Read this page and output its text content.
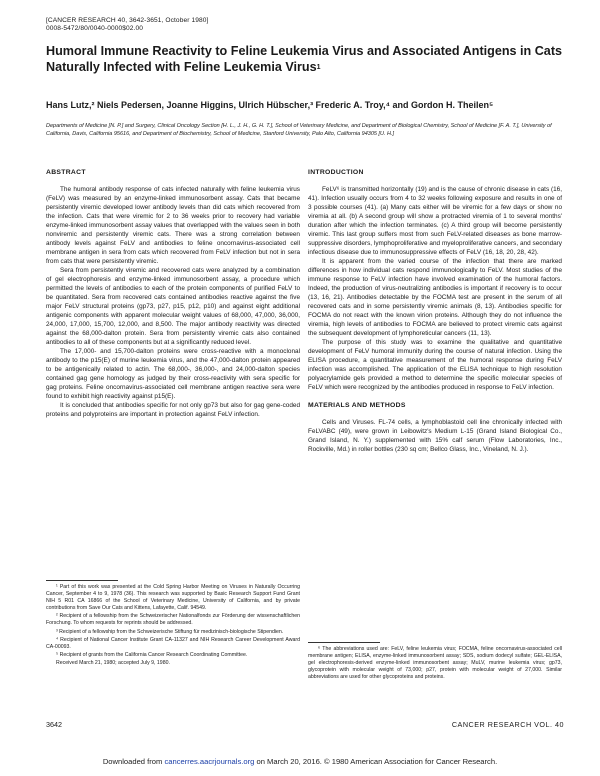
[CANCER RESEARCH 40, 3642-3651, October 1980]
0008-5472/80/0040-0000$02.00
Humoral Immune Reactivity to Feline Leukemia Virus and Associated Antigens in Cats Naturally Infected with Feline Leukemia Virus$^1$
Hans Lutz,² Niels Pedersen, Joanne Higgins, Ulrich Hübscher,³ Frederic A. Troy,⁴ and Gordon H. Theilen⁵
Departments of Medicine [N. P.] and Surgery, Clinical Oncology Section [H. L., J. H., G. H. T.], School of Veterinary Medicine, and Department of Biological Chemistry, School of Medicine [F. A. T.], University of California, Davis, California 95616, and Department of Biochemistry, School of Medicine, Stanford University, Palo Alto, California 94305 [U. H.]
ABSTRACT

The humoral antibody response of cats infected naturally with feline leukemia virus (FeLV) was measured by an enzyme-linked immunosorbent assay. Cats that became persistently viremic developed lower antibody levels than did cats which recovered from the infection. Cats that were viremic for 2 to 36 weeks prior to recovery had variable enzyme-linked immunosorbent assay values that overlapped with the values seen in both nonviremic and persistently viremic cats. There was a strong correlation between antibody levels against FeLV and antibodies to feline oncornavirus-associated cell membrane antigen in sera from cats which recovered from FeLV infection but not in sera from cats that were persistently viremic.

Sera from persistently viremic and recovered cats were analyzed by a combination of gel electrophoresis and enzyme-linked immunosorbent assay, a procedure which permitted the levels of antibodies to each of the protein components of purified FeLV to be quantitated. Sera from recovered cats contained antibodies reactive against the five major FeLV structural proteins (gp73, p27, p15, p12, p10) and against eight additional antigenic components with apparent molecular weight values of 68,000, 47,000, 36,000, 24,000, 17,000, 15,700, 12,000, and 8,500. The major antibody reactivity was directed against the 68,000-dalton protein. Sera from persistently viremic cats also contained antibodies to all of these components but at a significantly reduced level.

The 17,000- and 15,700-dalton proteins were cross-reactive with a monoclonal antibody to the p15(E) of murine leukemia virus, and the 47,000-dalton protein appeared to be antigenically related to actin. The 68,000-, 36,000-, and 24,000-dalton species contained gag gene homology as judged by their cross-reactivity with sera specific for gag proteins. Feline oncornavirus-associated cell membrane antigen reactive sera were found to exhibit high reactivity against p15(E).

It is concluded that antibodies specific for not only gp73 but also for gag gene-coded proteins and polyproteins are important in protection against FeLV infection.

INTRODUCTION

FeLV⁶ is transmitted horizontally (19) and is the cause of chronic disease in cats (16, 41). Infection usually occurs from 4 to 32 weeks following exposure and results in one of 3 possible courses (41). (a) Many cats either will be viremic for a few days or show no viremia at all. (b) A second group will show a protracted viremia of 1 to several months' duration after which the infection terminates. (c) A third group will become persistently viremic. This last group suffers most from such FeLV-related diseases as bone marrow-suppressive disorders, lymphoproliferative and myeloproliferative cancers, and secondary infectious disease due to immunosuppressive effects of FeLV (16, 18, 20, 28, 42).

It is apparent from the varied course of the infection that there are marked differences in how individual cats respond immunologically to FeLV. Most studies of the immune response to FeLV infection have involved examination of the humoral factors. Indeed, the production of virus-neutralizing antibodies is important if recovery is to occur (13, 16, 21). Antibodies detectable by the FOCMA test are present in the serum of all recovered cats and in some persistently viremic animals (8, 13). Antibodies specific for FOCMA do not react with the known virion proteins. Although they do not influence the viremia, high levels of antibodies to FOCMA are believed to protect viremic cats against the subsequent development of lymphoreticular cancers (11, 13).

The purpose of this study was to examine the qualitative and quantitative development of FeLV humoral immunity during the course of natural infection. Using the ELISA procedure, a quantitative measurement of the humoral response during FeLV infection was accomplished. The application of the ELISA technique to high resolution polyacrylamide gels provided a method to determine the specific molecular species of FeLV which were recognized by the antibodies produced in response to FeLV infection.

MATERIALS AND METHODS

Cells and Viruses. FL-74 cells, a lymphoblastoid cell line chronically infected with FeLVABC (49), were grown in Leibowitz's Medium L-15 (Grand Island Biological Co., Grand Island, N. Y.) supplemented with 15% calf serum (Flow Laboratories, Inc., Rockville, Md.) in roller bottles (230 sq cm; Bellco Glass, Inc., Vineland, N. J.).

¹ Part of this work was presented at the Cold Spring Harbor Meeting on Viruses in Naturally Occurring Cancer, September 4 to 9, 1978 (36). This research was supported by Basic Research Support Fund Grant NIH 5 R01 CA 16866 of the School of Veterinary Medicine, University of California, and by private contributions from Save Our Cats and Kittens, Lafayette, Calif. 94549.

² Recipient of a fellowship from the Schweizerischer Nationalfonds zur Förderung der wissenschaftlichen Forschung. To whom requests for reprints should be addressed.

³ Recipient of a fellowship from the Schweizerische Stiftung für medizinisch-biologische Stipendien.

⁴ Recipient of National Cancer Institute Grant CA-11327 and NIH Research Career Development Award CA-00093.

⁵ Recipient of grants from the California Cancer Research Coordinating Committee.

Received March 21, 1980; accepted July 9, 1980.

⁶ The abbreviations used are: FeLV, feline leukemia virus; FOCMA, feline oncornavirus-associated cell membrane antigen; ELISA, enzyme-linked immunosorbent assay; SDS, sodium dodecyl sulfate; GEL-ELISA, gel electrophoresis-derived enzyme-linked immunosorbent assay; MuLV, murine leukemia virus; gp73, glycoprotein with molecular weight of 73,000; p27, protein with molecular weight of 27,000. Similar abbreviations are used for other glycoproteins and proteins.

3642	CANCER RESEARCH VOL. 40
Downloaded from cancerres.aacrjournals.org on March 20, 2016. © 1980 American Association for Cancer Research.
